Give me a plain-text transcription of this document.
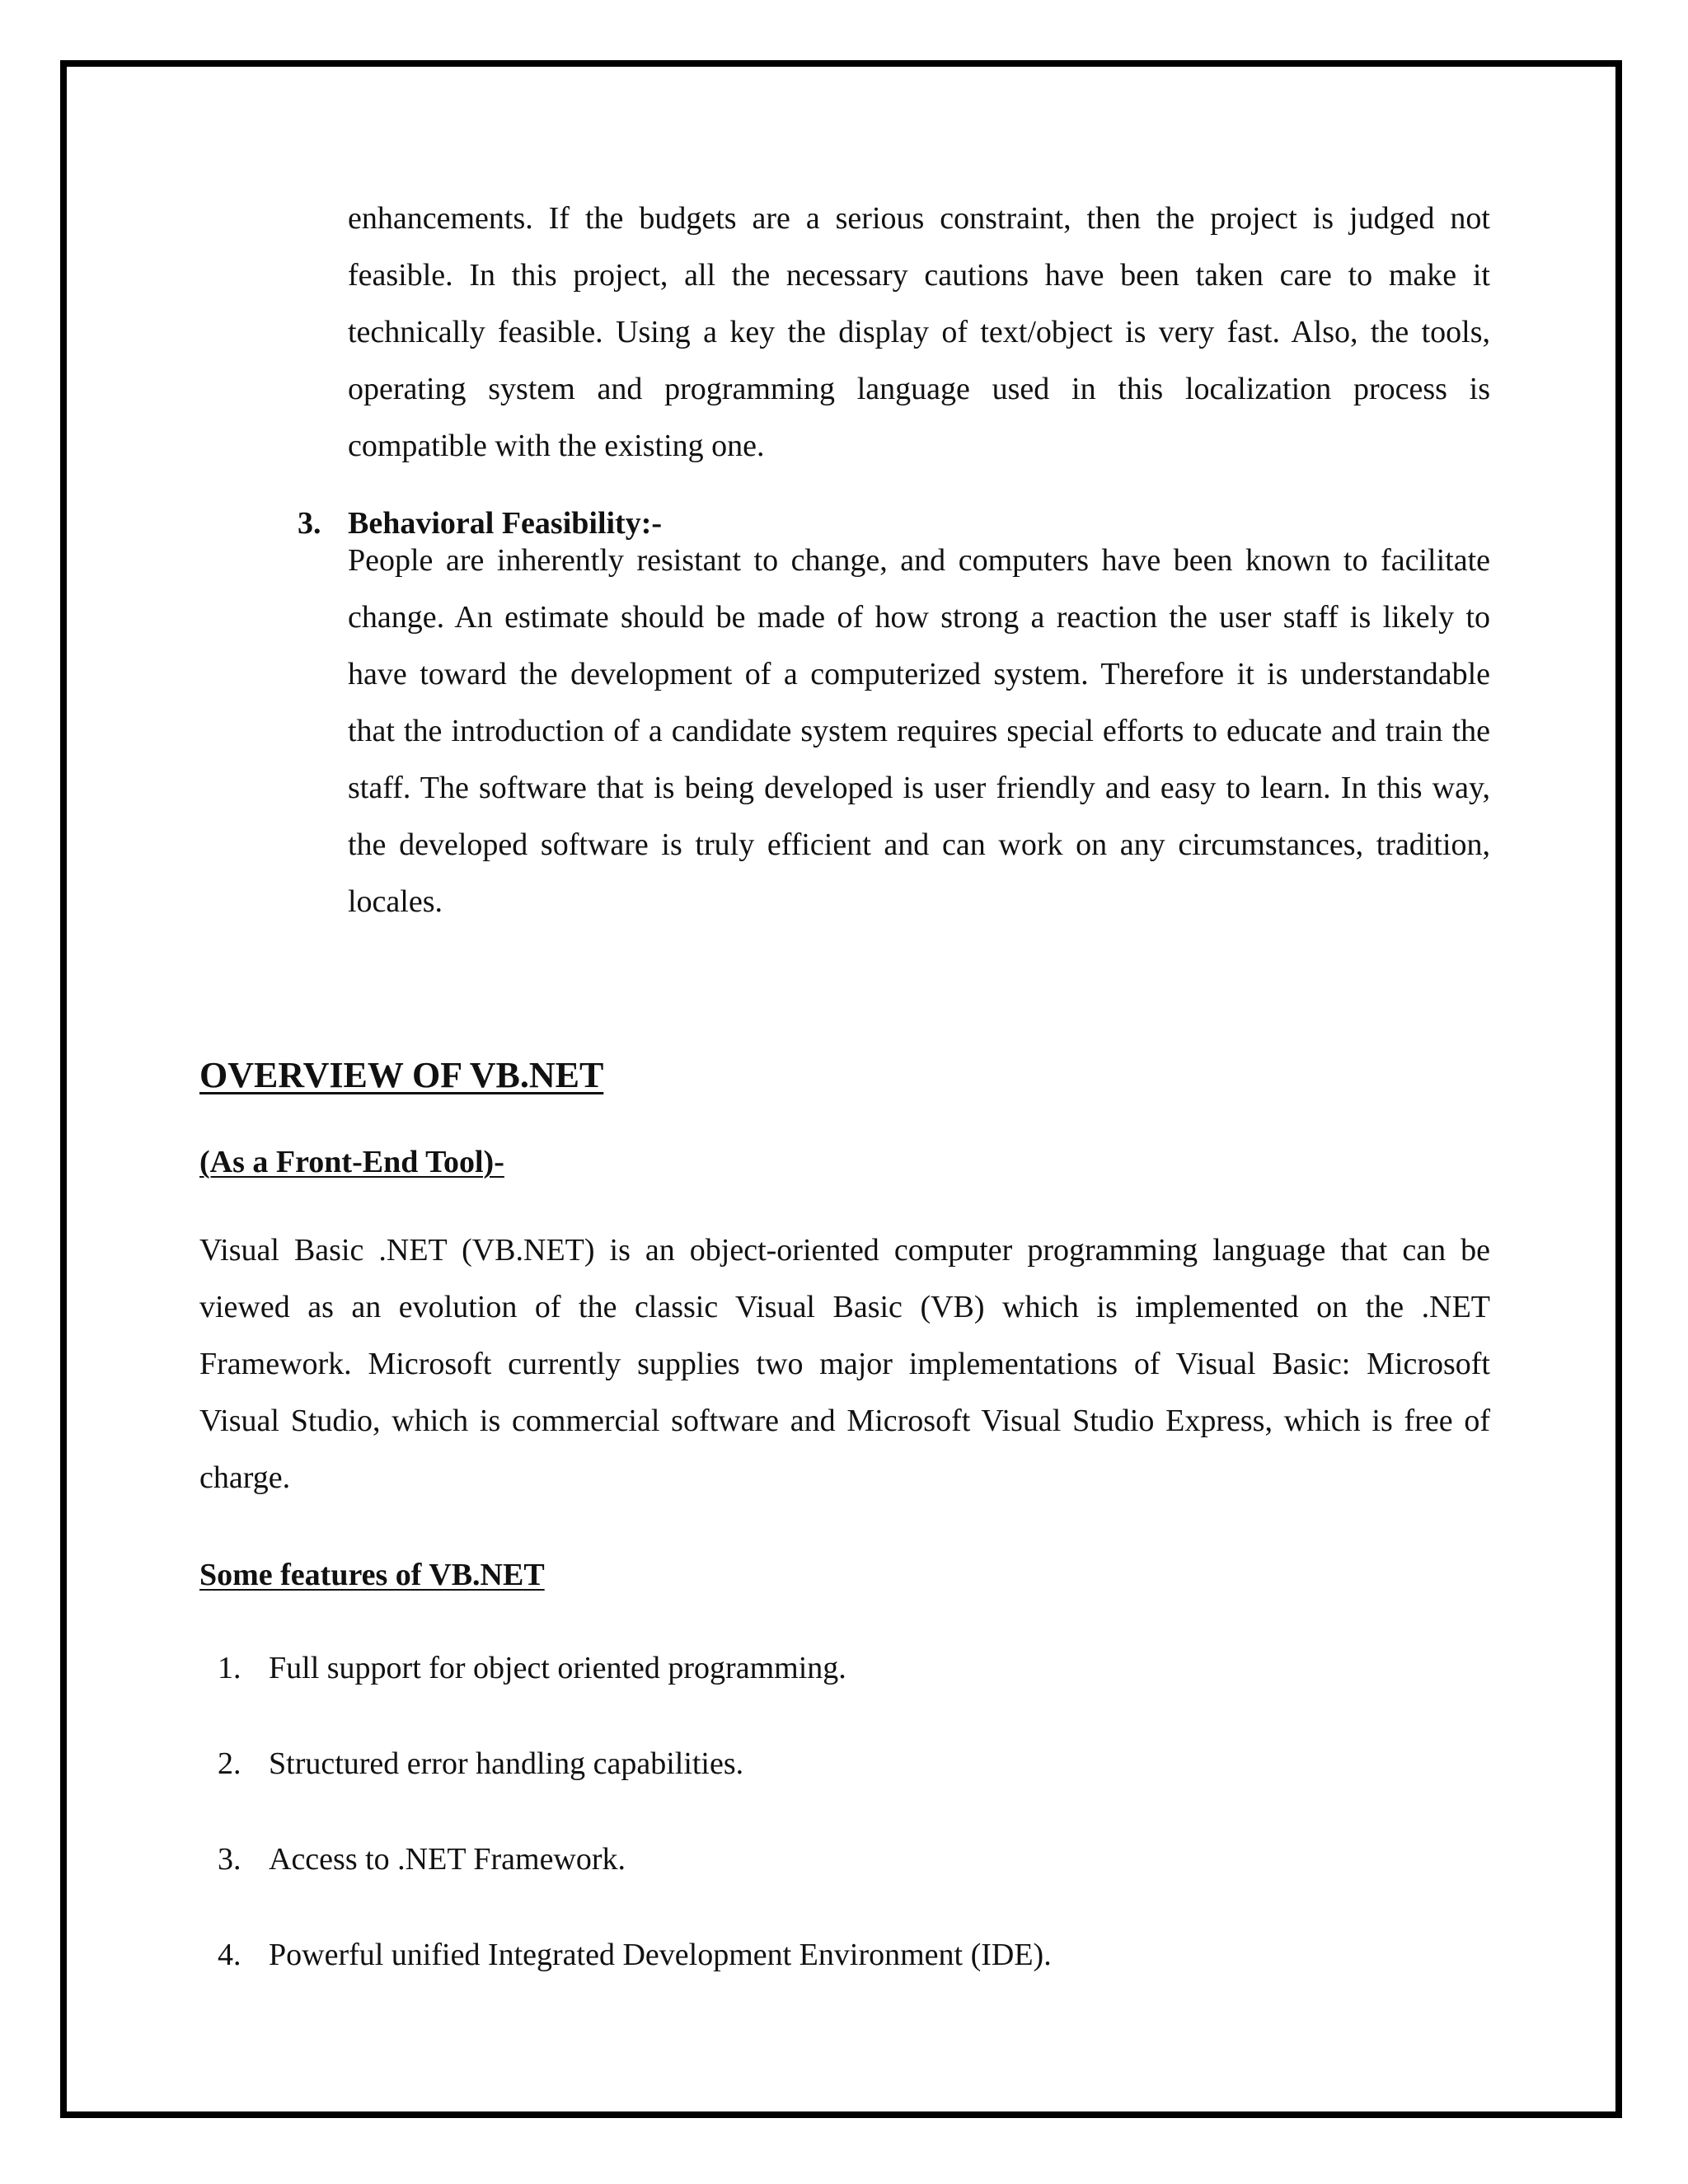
enhancements. If the budgets are a serious constraint, then the project is judged not feasible. In this project, all the necessary cautions have been taken care to make it technically feasible. Using a key the display of text/object is very fast. Also, the tools, operating system and programming language used in this localization process is compatible with the existing one.

3. Behavioral Feasibility:-

People are inherently resistant to change, and computers have been known to facilitate change. An estimate should be made of how strong a reaction the user staff is likely to have toward the development of a computerized system. Therefore it is understandable that the introduction of a candidate system requires special efforts to educate and train the staff. The software that is being developed is user friendly and easy to learn. In this way, the developed software is truly efficient and can work on any circumstances, tradition, locales.

OVERVIEW OF VB.NET
(As a Front-End Tool)-

Visual Basic .NET (VB.NET) is an object-oriented computer programming language that can be viewed as an evolution of the classic Visual Basic (VB) which is implemented on the .NET Framework. Microsoft currently supplies two major implementations of Visual Basic: Microsoft Visual Studio, which is commercial software and Microsoft Visual Studio Express, which is free of charge.

Some features of VB.NET

1. Full support for object oriented programming.

2. Structured error handling capabilities.

3. Access to .NET Framework.

4. Powerful unified Integrated Development Environment (IDE).
